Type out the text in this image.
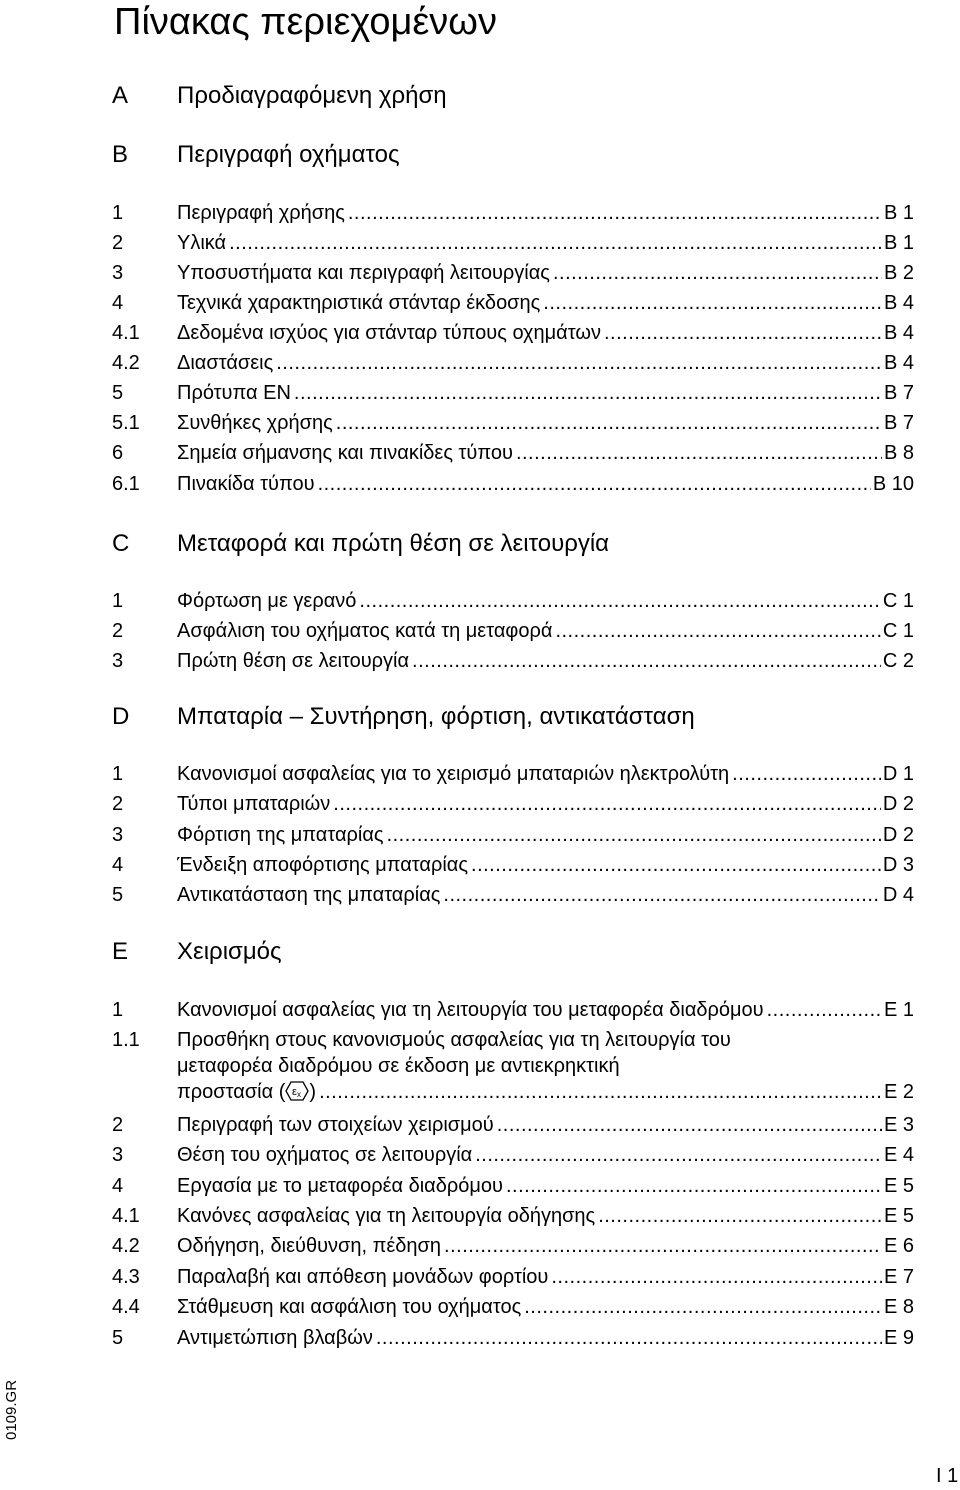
Πίνακας περιεχομένων
A Προδιαγραφόμενη χρήση
B Περιγραφή οχήματος
1	Περιγραφή χρήσης .....	B 1
2	Υλικά .....	B 1
3	Υποσυστήματα και περιγραφή λειτουργίας .....	B 2
4	Τεχνικά χαρακτηριστικά στάνταρ έκδοσης .....	B 4
4.1 Δεδομένα ισχύος για στάνταρ τύπους οχημάτων .....	B 4
4.2 Διαστάσεις .....	B 4
5	Πρότυπα EN .....	B 7
5.1 Συνθήκες χρήσης .....	B 7
6	Σημεία σήμανσης και πινακίδες τύπου .....	B 8
6.1 Πινακίδα τύπου .....	B 10
C Μεταφορά και πρώτη θέση σε λειτουργία
1	Φόρτωση με γερανό .....	C 1
2	Ασφάλιση του οχήματος κατά τη μεταφορά .....	C 1
3	Πρώτη θέση σε λειτουργία .....	C 2
D Μπαταρία – Συντήρηση, φόρτιση, αντικατάσταση
1	Κανονισμοί ασφαλείας για το χειρισμό μπαταριών ηλεκτρολύτη .....	D 1
2	Τύποι μπαταριών .....	D 2
3	Φόρτιση της μπαταρίας .....	D 2
4	Ένδειξη αποφόρτισης μπαταρίας .....	D 3
5	Αντικατάσταση της μπαταρίας .....	D 4
E Χειρισμός
1	Κανονισμοί ασφαλείας για τη λειτουργία του μεταφορέα διαδρόμου .....	E 1
1.1 Προσθήκη στους κανονισμούς ασφαλείας για τη λειτουργία του
μεταφορέα διαδρόμου σε έκδοση με αντιεκρηκτική
προστασία ( ε x ) .....	E 2
2	Περιγραφή των στοιχείων χειρισμού .....	E 3
3	Θέση του οχήματος σε λειτουργία .....	E 4
4	Εργασία με το μεταφορέα διαδρόμου .....	E 5
4.1 Κανόνες ασφαλείας για τη λειτουργία οδήγησης .....	E 5
4.2 Οδήγηση, διεύθυνση, πέδηση .....	E 6
4.3 Παραλαβή και απόθεση μονάδων φορτίου .....	E 7
4.4 Στάθμευση και ασφάλιση του οχήματος .....	E 8
5	Αντιμετώπιση βλαβών .....	E 9
0109.GR
I 1
